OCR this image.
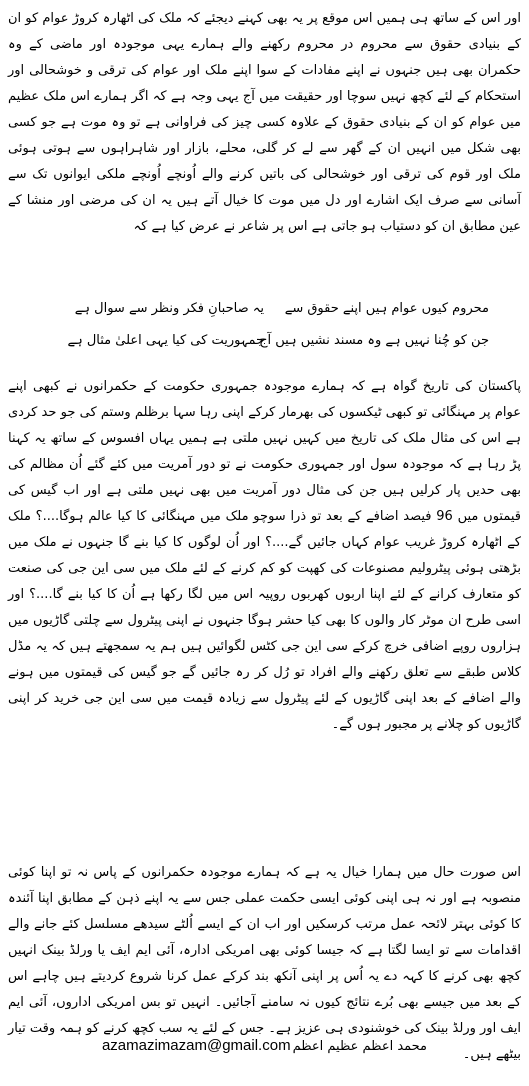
اور اس کے ساتھ ہی ہمیں اس موقع پر یہ بھی کہنے دیجئے کہ ملک کی اٹھارہ کروڑ عوام کو ان کے بنیادی حقوق سے محروم در محروم رکھنے والے ہمارے یہی موجودہ اور ماضی کے وہ حکمران بھی ہیں جنہوں نے اپنے مفادات کے سوا اپنے ملک اور عوام کی ترقی و خوشحالی اور استحکام کے لئے کچھ نہیں سوچا اور حقیقت میں آج یہی وجہ ہے کہ اگر ہمارے اس ملک عظیم میں عوام کو ان کے بنیادی حقوق کے علاوہ کسی چیز کی فراوانی ہے تو وہ موت ہے جو کسی بھی شکل میں انہیں ان کے گھر سے لے کر گلی، محلے، بازار اور شاہراہوں سے ہوتی ہوئی ملک اور قوم کی ترقی اور خوشحالی کی باتیں کرنے والے اُونچے اُونچے ملکی ایوانوں تک سے آسانی سے صرف ایک اشارے اور دل میں موت کا خیال آتے ہیں یہ ان کی مرضی اور منشا کے عین مطابق ان کو دستیاب ہو جاتی ہے اس پر شاعر نے عرض کیا ہے کہ

محروم کیوں عوام ہیں اپنے حقوق سے
یہ صاحبانِ فکر ونظر سے سوال ہے
جن کو چُنا نہیں ہے وہ مسند نشیں ہیں آج
جمہوریت کی کیا یہی اعلیٰ مثال ہے

پاکستان کی تاریخ گواہ ہے کہ ہمارے موجودہ جمہوری حکومت کے حکمرانوں نے کبھی اپنے عوام پر مہنگائی تو کبھی ٹیکسوں کی بھرمار کرکے اپنی رہا سہا برظلم وستم کی جو حد کردی ہے اس کی مثال ملک کی تاریخ میں کہیں نہیں ملتی ہے ہمیں یہاں افسوس کے ساتھ یہ کہنا پڑ رہا ہے کہ موجودہ سول اور جمہوری حکومت نے تو دور آمریت میں کئے گئے اُن مظالم کی بھی حدیں پار کرلیں ہیں جن کی مثال دور آمریت میں بھی نہیں ملتی ہے اور اب گیس کی قیمتوں میں 96 فیصد اضافے کے بعد تو ذرا سوچو ملک میں مہنگائی کا کیا عالم ہوگا....؟ ملک کے اٹھارہ کروڑ غریب عوام کہاں جائیں گے....؟ اور اُن لوگوں کا کیا بنے گا جنہوں نے ملک میں بڑھتی ہوئی پیٹرولیم مصنوعات کی کھپت کو کم کرنے کے لئے ملک میں سی این جی کی صنعت کو متعارف کرانے کے لئے اپنا اربوں کھربوں روپیہ اس میں لگا رکھا ہے اُن کا کیا بنے گا....؟ اور اسی طرح ان موٹر کار والوں کا بھی کیا حشر ہوگا جنہوں نے اپنی پیٹرول سے چلتی گاڑیوں میں ہزاروں روپے اضافی خرچ کرکے سی این جی کٹس لگوائیں ہیں ہم یہ سمجھتے ہیں کہ یہ مڈل کلاس طبقے سے تعلق رکھنے والے افراد تو رُل کر رہ جائیں گے جو گیس کی قیمتوں میں ہونے والے اضافے کے بعد اپنی گاڑیوں کے لئے پیٹرول سے زیادہ قیمت میں سی این جی خرید کر اپنی گاڑیوں کو چلانے پر مجبور ہوں گے۔

اس صورت حال میں ہمارا خیال یہ ہے کہ ہمارے موجودہ حکمرانوں کے پاس نہ تو اپنا کوئی منصوبہ ہے اور نہ ہی اپنی کوئی ایسی حکمت عملی جس سے یہ اپنے ذہن کے مطابق اپنا آئندہ کا کوئی بہتر لائحہ عمل مرتب کرسکیں اور اب ان کے ایسے اُلٹے سیدھے مسلسل کئے جانے والے اقدامات سے تو ایسا لگتا ہے کہ جیسا کوئی بھی امریکی ادارہ، آئی ایم ایف یا ورلڈ بینک انہیں کچھ بھی کرنے کا کہہ دے یہ اُس پر اپنی آنکھ بند کرکے عمل کرنا شروع کردیتے ہیں چاہے اس کے بعد میں جیسے بھی بُرے نتائج کیوں نہ سامنے آجائیں۔ انہیں تو بس امریکی اداروں، آئی ایم ایف اور ورلڈ بینک کی خوشنودی ہی عزیز ہے۔ جس کے لئے یہ سب کچھ کرنے کو ہمہ وقت تیار بیٹھے ہیں۔

azamazimazam@gmail.com محمد اعظم عظیم اعظم
